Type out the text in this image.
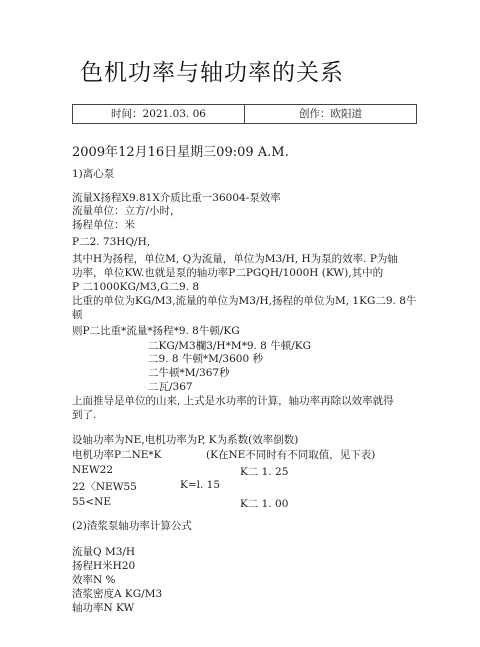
色机功率与轴功率的关系
时间：2021.03. 06	创作：欧阳道
2009年12月16日星期三09:09 A.M.
1)离心泵
流量X扬程X9.81X介质比重一36004-泵效率
流量单位：立方/小时，
扬程单位：米
P二2. 73HQ/H,
其中H为扬程，单位M, Q为流量，单位为M3/H, H为泵的效率. P为轴
功率，单位KW.也就是泵的轴功率P二PGQH/1000H (KW),其中的
P 二1000KG/M3,G二9. 8
比重的单位为KG/M3,流量的单位为M3/H,扬程的单位为M, 1KG二9. 8牛
顿
则P二比重*流量*扬程*9. 8牛顿/KG
二KG/M3欄3/H*M*9. 8 牛顿/KG
二9. 8 牛顿*M/3600 秒
二牛顿*M/367秒
二瓦/367
上面推导是单位的山来, 上式是水功率的计算，轴功率再除以效率就得
到了.
设轴功率为NE,电机功率为P, K为系数(效率倒数)
电机功率P二NE*K	(K在NE不同时有不同取值，见下表)
NEW22	K二 1. 25
22〈NEW55	K=l. 15
55<NE	K二 1. 00
(2)渣浆泵轴功率计算公式
流量Q M3/H
扬程H米H20
效率N %
渣浆密度A KG/M3
轴功率N KW
